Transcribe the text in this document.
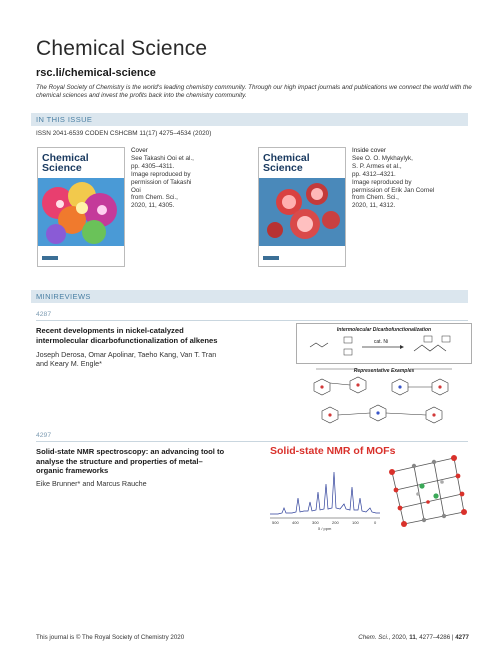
Chemical Science
rsc.li/chemical-science
The Royal Society of Chemistry is the world's leading chemistry community. Through our high impact journals and publications we connect the world with the chemical sciences and invest the profits back into the chemistry community.
IN THIS ISSUE
ISSN 2041-6539 CODEN CSHCBM 11(17) 4275–4534 (2020)
Chemical
Science
Cover
See Takashi Ooi et al.,
pp. 4305–4311.
Image reproduced by
permission of Takashi Ooi
from Chem. Sci.,
2020, 11, 4305.
Chemical
Science
Inside cover
See O. O. Mykhaylyk,
S. P. Armes et al.,
pp. 4312–4321.
Image reproduced by
permission of Erik Jan Cornel
from Chem. Sci.,
2020, 11, 4312.
MINIREVIEWS
4287
Recent developments in nickel-catalyzed
intermolecular dicarbofunctionalization of alkenes
Joseph Derosa, Omar Apolinar, Taeho Kang, Van T. Tran
and Keary M. Engle*
Intermolecular Dicarbofunctionalization
cat. Ni
Representative Examples
4297
Solid-state NMR spectroscopy: an advancing tool to
analyse the structure and properties of metal–
organic frameworks
Eike Brunner* and Marcus Rauche
Solid-state NMR of MOFs
500	400	300	200	100	0
δ / ppm
This journal is © The Royal Society of Chemistry 2020	Chem. Sci., 2020, 11, 4277–4286 | 4277
